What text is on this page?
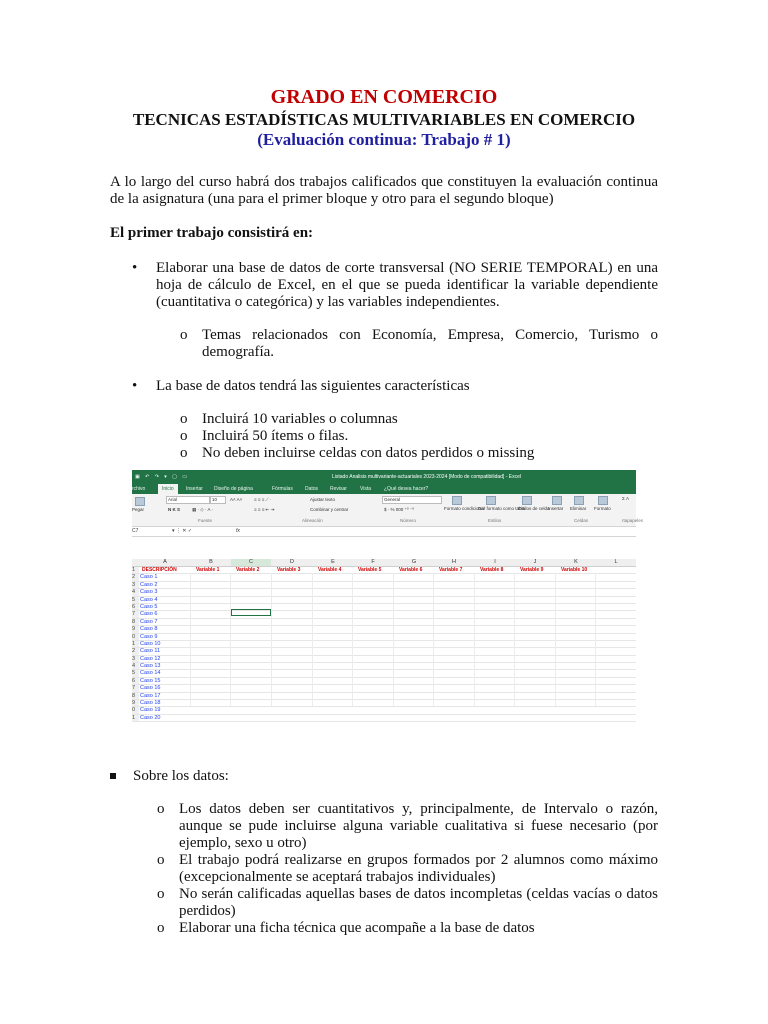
GRADO EN COMERCIO
TECNICAS ESTADÍSTICAS MULTIVARIABLES EN COMERCIO
(Evaluación continua: Trabajo # 1)

A lo largo del curso habrá dos trabajos calificados que constituyen la evaluación continua de la asignatura (una para el primer bloque y otro para el segundo bloque)

El primer trabajo consistirá en:

• Elaborar una base de datos de corte transversal (NO SERIE TEMPORAL) en una hoja de cálculo de Excel, en el que se pueda identificar la variable dependiente (cuantitativa o categórica) y las variables independientes.

o Temas relacionados con Economía, Empresa, Comercio, Turismo o demografía.
• La base de datos tendrá las siguientes características

o Incluirá 10 variables o columnas
o Incluirá 50 ítems o filas.
o No deben incluirse celdas con datos perdidos o missing

Sobre los datos:

o Los datos deben ser cuantitativos y, principalmente, de Intervalo o razón, aunque se pude incluirse alguna variable cualitativa si fuese necesario (por ejemplo, sexo u otro)
o El trabajo podrá realizarse en grupos formados por 2 alumnos como máximo (excepcionalmente se aceptará trabajos individuales)
o No serán calificadas aquellas bases de datos incompletas (celdas vacías o datos perdidos)
o Elaborar una ficha técnica que acompañe a la base de datos
▣ ↶ ↷ ▾ ▢ ▭	Listado Analisis multivariante-actuariales 2023-2024 [Modo de compatibilidad] - Excel
rchivo	Inicio	Insertar Diseño de página	Fórmulas Datos Revisar	Vista	¿Qué desea hacer?
Pegar
Arial	10	A˄ A˅
N K S	▦ · ◇ · A ·
≡ ≡ ≡ ⟋ ·
≡ ≡ ≡ ⇤ ⇥
Ajustar texto
Combinar y centrar
General
$ · % 000 ⁺⁰ ⁻⁰	Formato condicional
Dar formato como tabla
Estilos de celda
Insertar Eliminar Formato
Σ A
rtapapeles
Fuente	Alineación	Número	Estilos	Celdas
C7	▾ ⋮ ✕ ✓	fx
A	B	C	D	E	F	G	H	I	J	K	L
1	DESCRIPCIÓN	Variable 1	Variable 2	Variable 3	Variable 4	Variable 5	Variable 6	Variable 7	Variable 8	Variable 9	Variable 10
2 Caso 1
3 Caso 2
4 Caso 3
5 Caso 4
6 Caso 5
7 Caso 6
8 Caso 7
9 Caso 8
0 Caso 9
1 Caso 10
2 Caso 11
3 Caso 12
4 Caso 13
5 Caso 14
6 Caso 15
7 Caso 16
8 Caso 17
9 Caso 18
0 Caso 19
1 Caso 20
